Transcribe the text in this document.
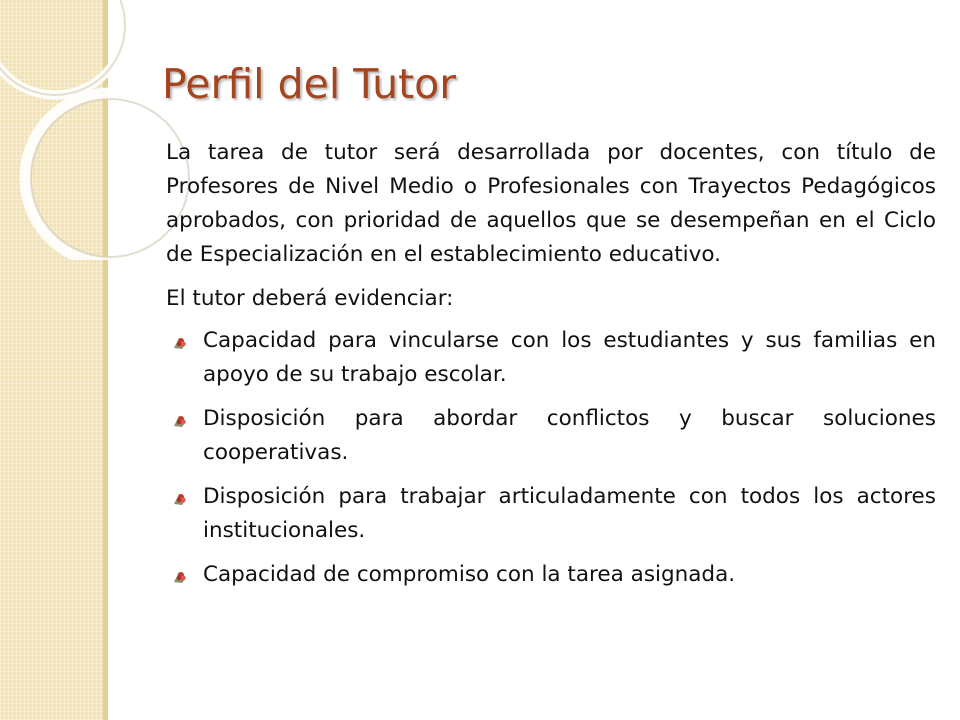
Perfil del Tutor

La tarea de tutor será desarrollada por docentes, con título de Profesores de Nivel Medio o Profesionales con Trayectos Pedagógicos aprobados, con prioridad de aquellos que se desempeñan en el Ciclo de Especialización en el establecimiento educativo.

El tutor deberá evidenciar:

Capacidad para vincularse con los estudiantes y sus familias en apoyo de su trabajo escolar.
Disposición para abordar conflictos y buscar soluciones cooperativas.
Disposición para trabajar articuladamente con todos los actores institucionales.
Capacidad de compromiso con la tarea asignada.
